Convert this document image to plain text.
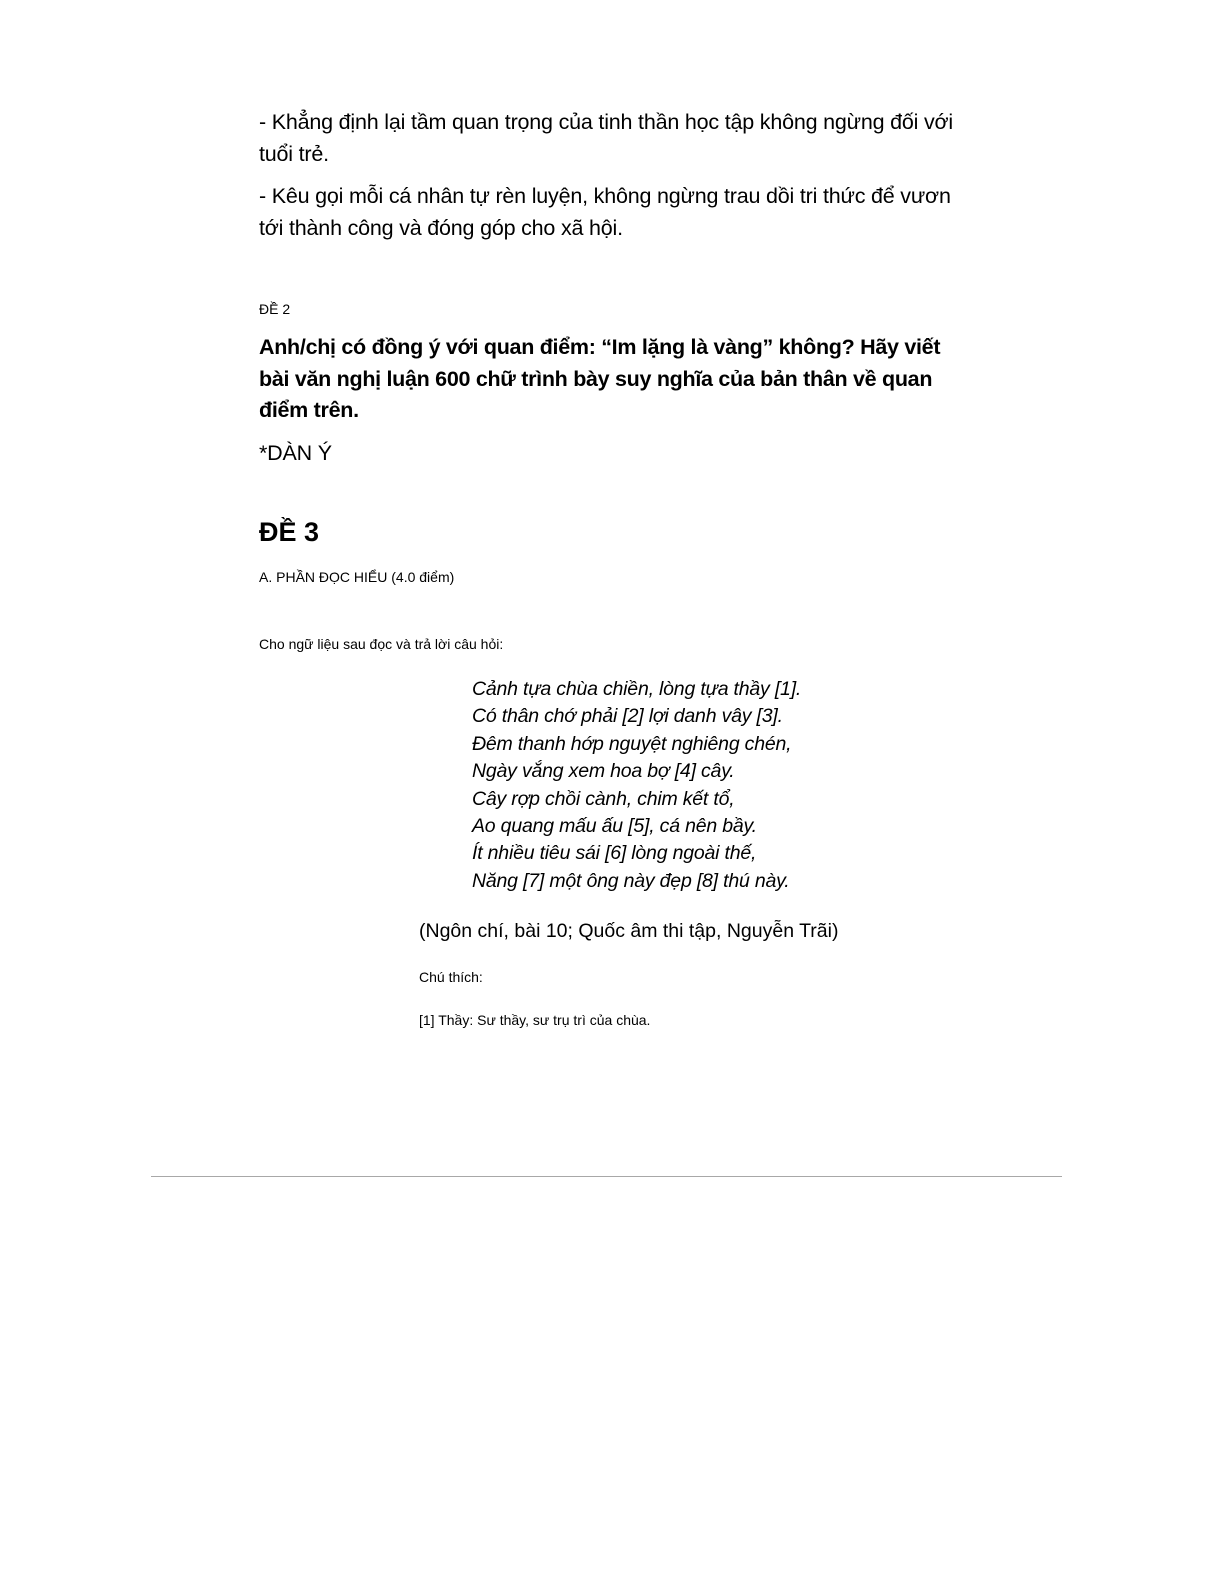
- Khẳng định lại tầm quan trọng của tinh thần học tập không ngừng đối với tuổi trẻ.

- Kêu gọi mỗi cá nhân tự rèn luyện, không ngừng trau dồi tri thức để vươn tới thành công và đóng góp cho xã hội.

ĐỀ 2

Anh/chị có đồng ý với quan điểm: “Im lặng là vàng” không? Hãy viết bài văn nghị luận 600 chữ trình bày suy nghĩa của bản thân về quan điểm trên.

*DÀN Ý

ĐỀ 3

A. PHẦN ĐỌC HIỂU (4.0 điểm)

Cho ngữ liệu sau đọc và trả lời câu hỏi:

Cảnh tựa chùa chiền, lòng tựa thầy [1].
Có thân chớ phải [2] lợi danh vây [3].
Đêm thanh hớp nguyệt nghiêng chén,
Ngày vắng xem hoa bợ [4] cây.
Cây rợp chồi cành, chim kết tổ,
Ao quang mấu ấu [5], cá nên bầy.
Ít nhiều tiêu sái [6] lòng ngoài thế,
Năng [7] một ông này đẹp [8] thú này.

(Ngôn chí, bài 10; Quốc âm thi tập, Nguyễn Trãi)

Chú thích:

[1] Thầy: Sư thầy, sư trụ trì của chùa.
